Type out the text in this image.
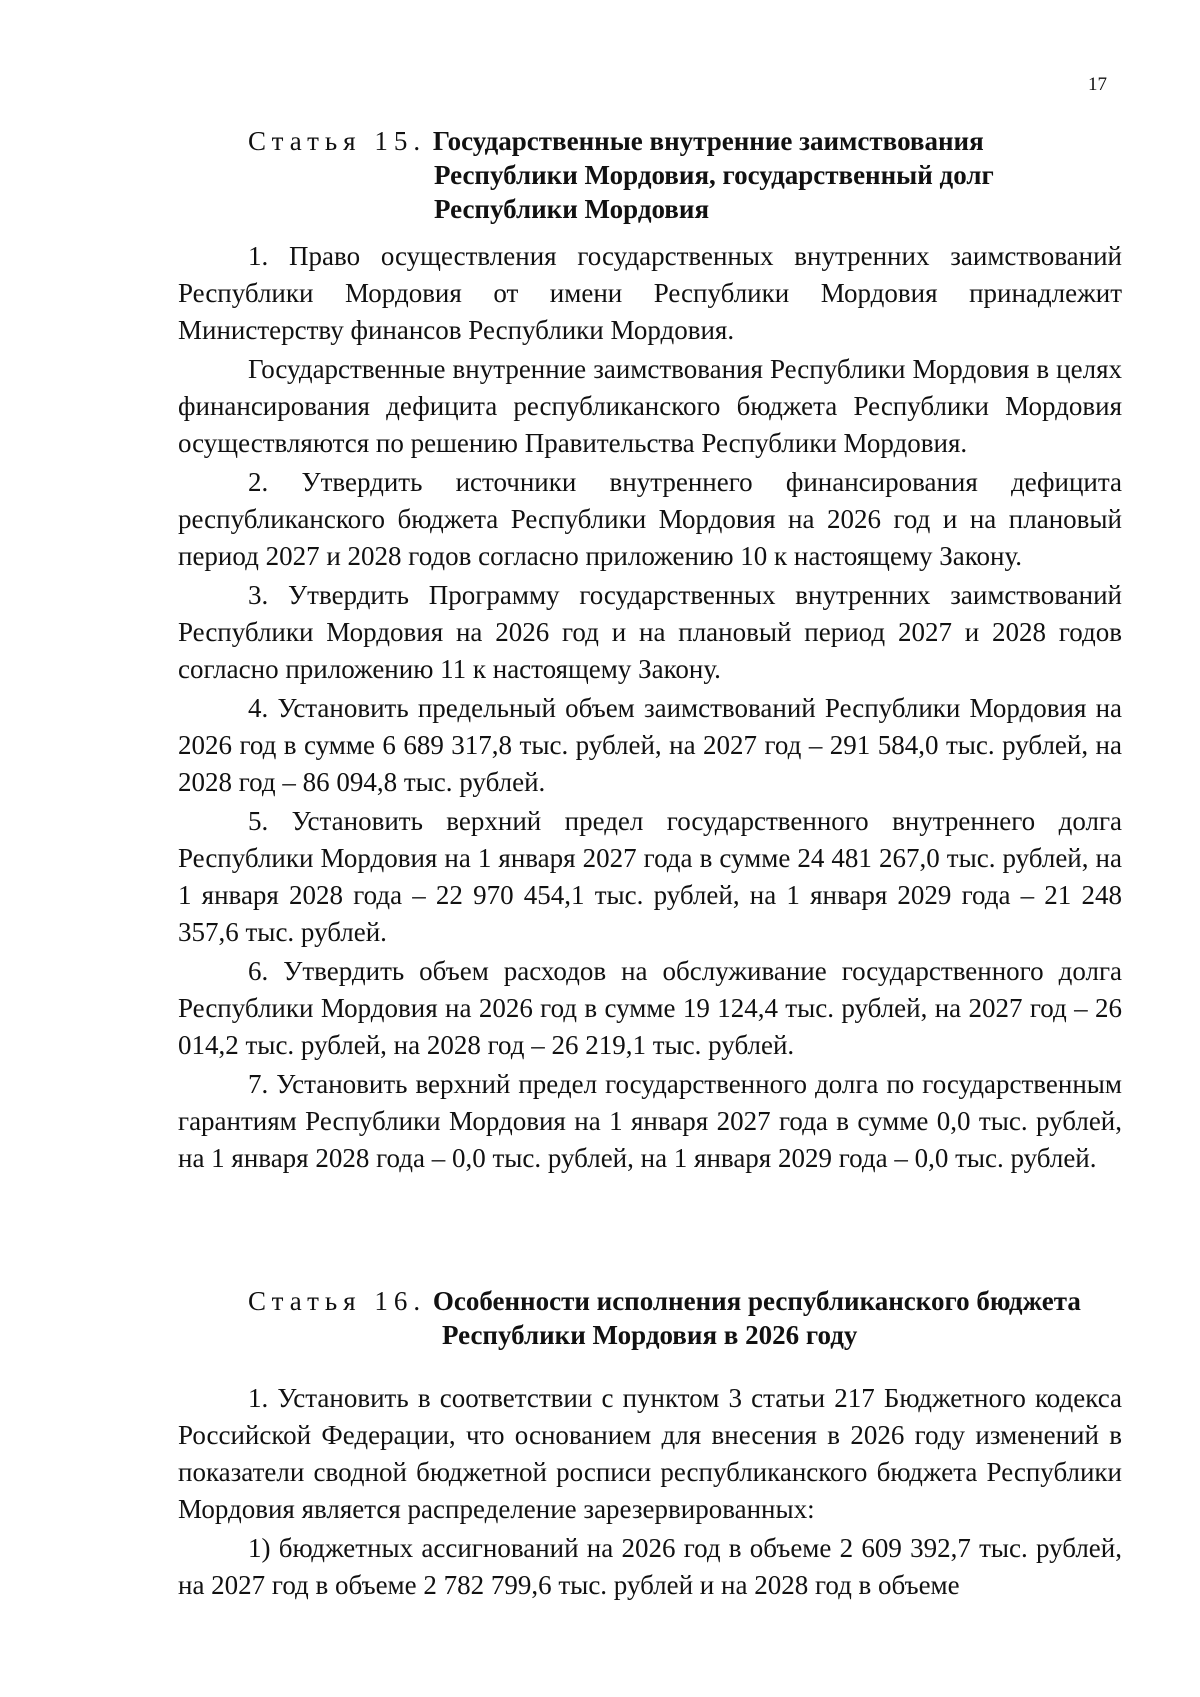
17
Статья 15. Государственные внутренние заимствования
Республики Мордовия, государственный долг
Республики Мордовия

1. Право осуществления государственных внутренних заимствований Республики Мордовия от имени Республики Мордовия принадлежит Министерству финансов Республики Мордовия.

Государственные внутренние заимствования Республики Мордовия в целях финансирования дефицита республиканского бюджета Республики Мордовия осуществляются по решению Правительства Республики Мордовия.

2. Утвердить источники внутреннего финансирования дефицита республиканского бюджета Республики Мордовия на 2026 год и на плановый период 2027 и 2028 годов согласно приложению 10 к настоящему Закону.

3. Утвердить Программу государственных внутренних заимствований Республики Мордовия на 2026 год и на плановый период 2027 и 2028 годов согласно приложению 11 к настоящему Закону.

4. Установить предельный объем заимствований Республики Мордовия на 2026 год в сумме 6 689 317,8 тыс. рублей, на 2027 год – 291 584,0 тыс. рублей, на 2028 год – 86 094,8 тыс. рублей.

5. Установить верхний предел государственного внутреннего долга Республики Мордовия на 1 января 2027 года в сумме 24 481 267,0 тыс. рублей, на 1 января 2028 года – 22 970 454,1 тыс. рублей, на 1 января 2029 года – 21 248 357,6 тыс. рублей.

6. Утвердить объем расходов на обслуживание государственного долга Республики Мордовия на 2026 год в сумме 19 124,4 тыс. рублей, на 2027 год – 26 014,2 тыс. рублей, на 2028 год – 26 219,1 тыс. рублей.

7. Установить верхний предел государственного долга по государственным гарантиям Республики Мордовия на 1 января 2027 года в сумме 0,0 тыс. рублей, на 1 января 2028 года – 0,0 тыс. рублей, на 1 января 2029 года – 0,0 тыс. рублей.

Статья 16. Особенности исполнения республиканского бюджета
Республики Мордовия в 2026 году

1. Установить в соответствии с пунктом 3 статьи 217 Бюджетного кодекса Российской Федерации, что основанием для внесения в 2026 году изменений в показатели сводной бюджетной росписи республиканского бюджета Республики Мордовия является распределение зарезервированных:

1) бюджетных ассигнований на 2026 год в объеме 2 609 392,7 тыс. рублей, на 2027 год в объеме 2 782 799,6 тыс. рублей и на 2028 год в объеме
